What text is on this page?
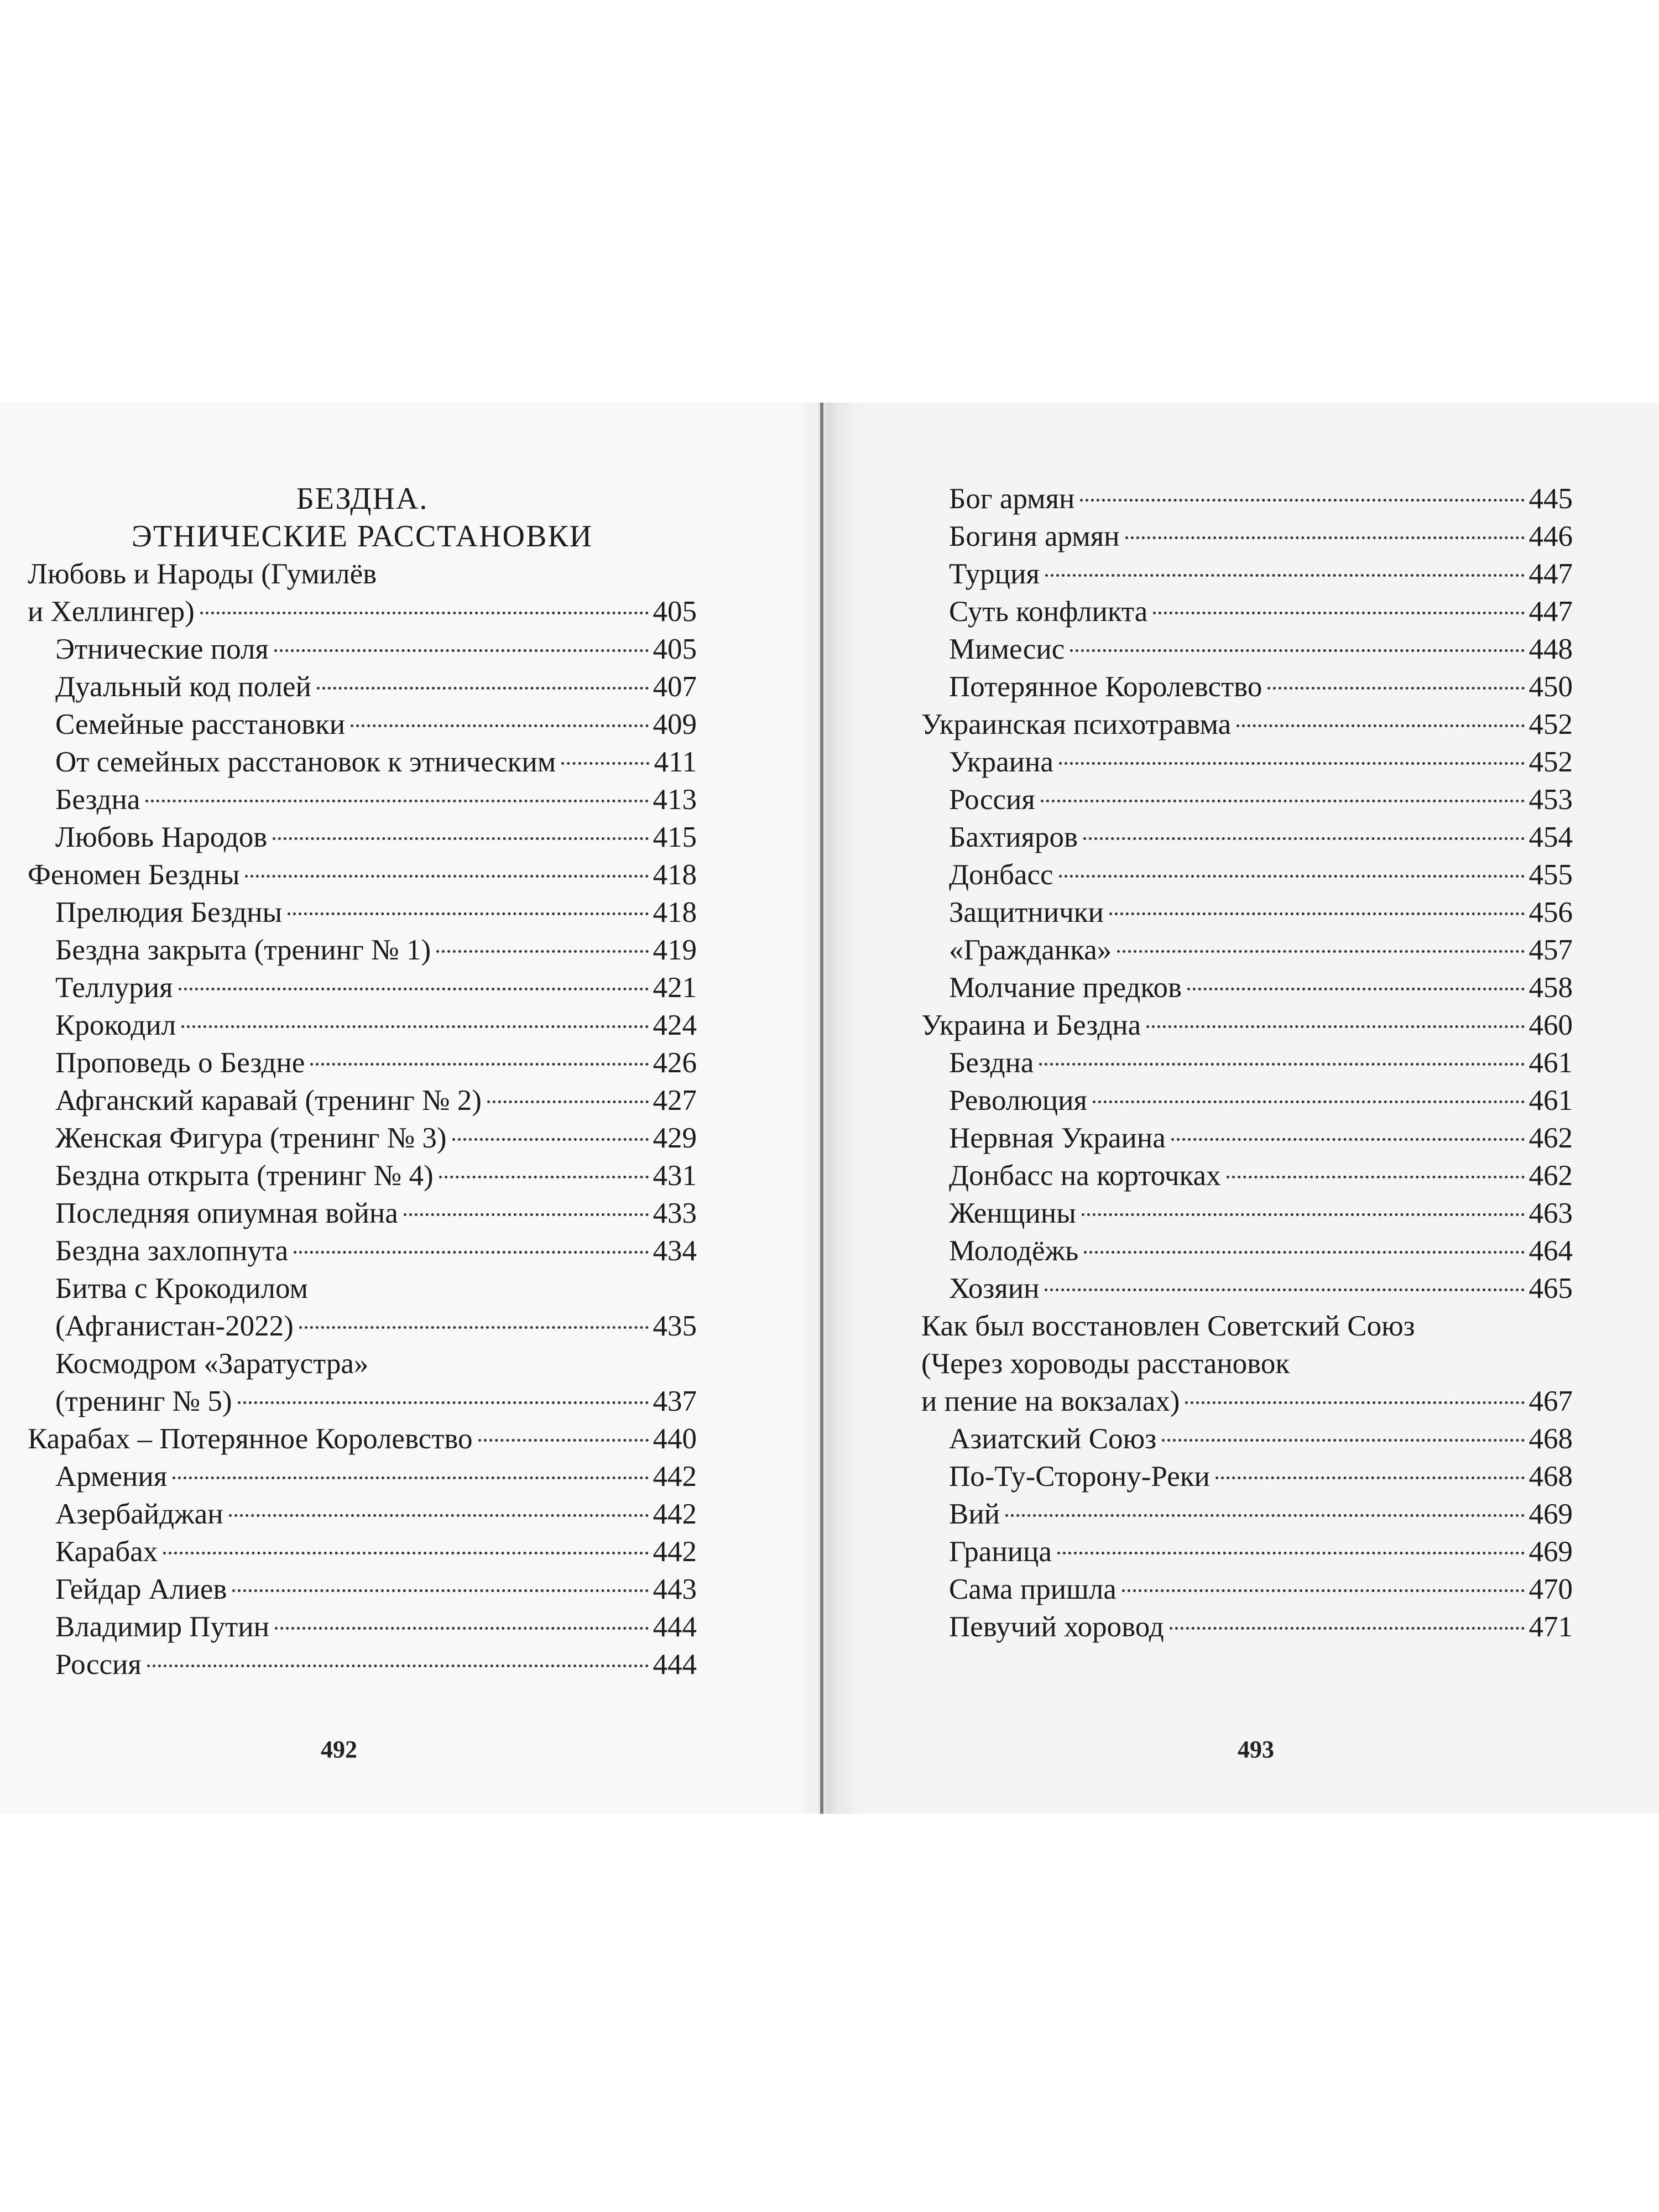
БЕЗДНА.
ЭТНИЧЕСКИЕ РАССТАНОВКИ
Любовь и Народы (Гумилёв
и Хеллингер)	405
Этнические поля	405
Дуальный код полей	407
Семейные расстановки	409
От семейных расстановок к этническим	411
Бездна	413
Любовь Народов	415
Феномен Бездны	418
Прелюдия Бездны	418
Бездна закрыта (тренинг № 1)	419
Теллурия	421
Крокодил	424
Проповедь о Бездне	426
Афганский каравай (тренинг № 2)	427
Женская Фигура (тренинг № 3)	429
Бездна открыта (тренинг № 4)	431
Последняя опиумная война	433
Бездна захлопнута	434
Битва с Крокодилом
(Афганистан-2022)	435
Космодром «Заратустра»
(тренинг № 5)	437
Карабах – Потерянное Королевство	440
Армения	442
Азербайджан	442
Карабах	442
Гейдар Алиев	443
Владимир Путин	444
Россия	444
492
Бог армян	445
Богиня армян	446
Турция	447
Суть конфликта	447
Мимесис	448
Потерянное Королевство	450
Украинская психотравма	452
Украина	452
Россия	453
Бахтияров	454
Донбасс	455
Защитнички	456
«Гражданка»	457
Молчание предков	458
Украина и Бездна	460
Бездна	461
Революция	461
Нервная Украина	462
Донбасс на корточках	462
Женщины	463
Молодёжь	464
Хозяин	465
Как был восстановлен Советский Союз
(Через хороводы расстановок
и пение на вокзалах)	467
Азиатский Союз	468
По-Ту-Сторону-Реки	468
Вий	469
Граница	469
Сама пришла	470
Певучий хоровод	471
493
